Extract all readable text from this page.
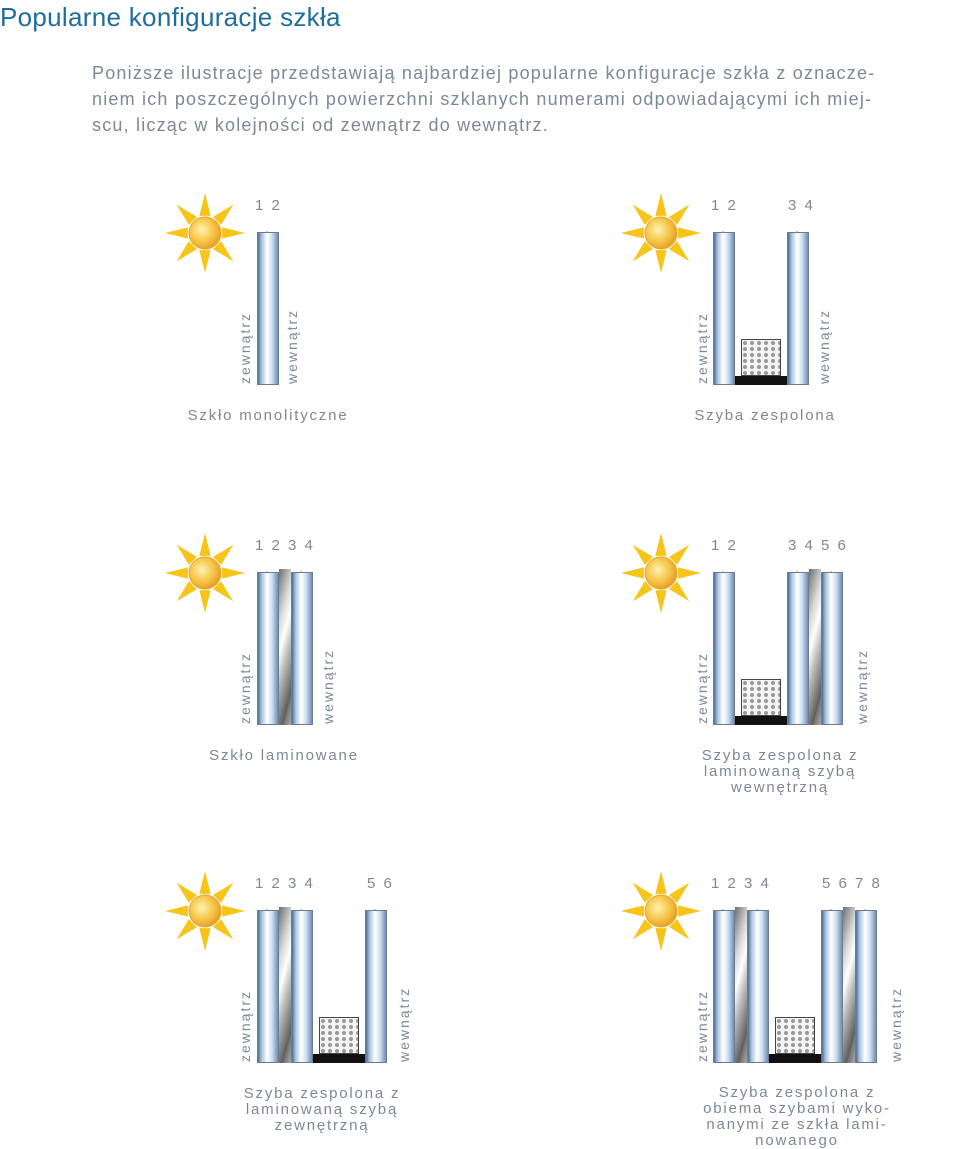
Popularne konfiguracje szkła

Poniższe ilustracje przedstawiają najbardziej popularne konfiguracje szkła z oznacze-
niem ich poszczególnych powierzchni szklanych numerami odpowiadającymi ich miej-
scu, licząc w kolejności od zewnątrz do wewnątrz.

1 2
zewnątrz wewnątrz
Szkło monolityczne
1 2	3 4
zewnątrz	wewnątrz
Szyba zespolona
1 2 3 4
zewnątrz	wewnątrz
Szkło laminowane
1 2	3 4 5 6
zewnątrz	wewnątrz
Szyba zespolona z
laminowaną szybą
wewnętrzną
1 2 3 4	5 6
zewnątrz	wewnątrz
Szyba zespolona z
laminowaną szybą
zewnętrzną
1 2 3 4	5 6 7 8
zewnątrz	wewnątrz
Szyba zespolona z
obiema szybami wyko-
nanymi ze szkła lami-
nowanego
